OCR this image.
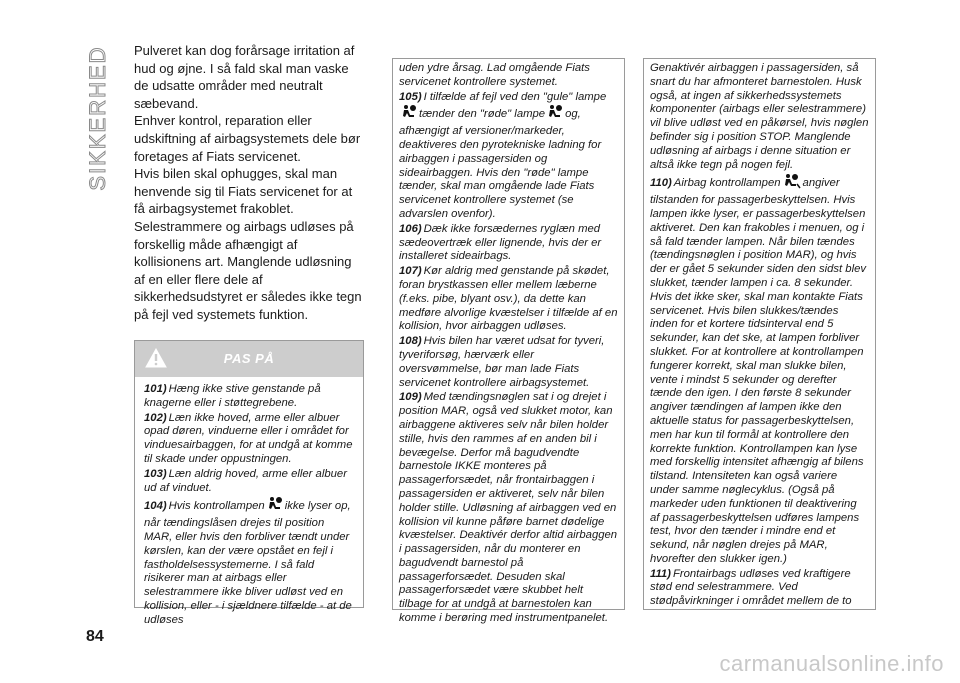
SIKKERHED Pulveret kan dog forårsage irritation af hud og øjne. I så fald skal man vaske de udsatte områder med neutralt sæbevand.

Enhver kontrol, reparation eller udskiftning af airbagsystemets dele bør foretages af Fiats servicenet.

Hvis bilen skal ophugges, skal man henvende sig til Fiats servicenet for at få airbagsystemet frakoblet. Selestrammere og airbags udløses på forskellig måde afhængigt af kollisionens art. Manglende udløsning af en eller flere dele af sikkerhedsudstyret er således ikke tegn på fejl ved systemets funktion.

PAS PÅ

101) Hæng ikke stive genstande på knagerne eller i støttegrebene.

102) Læn ikke hoved, arme eller albuer opad døren, vinduerne eller i området for vinduesairbaggen, for at undgå at komme til skade under oppustningen.

103) Læn aldrig hoved, arme eller albuer ud af vinduet.

104) Hvis kontrollampen ikke lyser op, når tændingslåsen drejes til position MAR, eller hvis den forbliver tændt under kørslen, kan der være opstået en fejl i fastholdelsessystemerne. I så fald risikerer man at airbags eller selestrammere ikke bliver udløst ved en kollision, eller - i sjældnere tilfælde - at de udløses

uden ydre årsag. Lad omgående Fiats servicenet kontrollere systemet.

105) I tilfælde af fejl ved den "gule" lampetænder den "røde" lampe og, afhængigt af versioner/markeder, deaktiveres den pyrotekniske ladning for airbaggen i passagersiden og sideairbaggen. Hvis den "røde" lampe tænder, skal man omgående lade Fiats servicenet kontrollere systemet (se advarslen ovenfor).

106) Dæk ikke forsædernes ryglæn med sædeovertræk eller lignende, hvis der er installeret sideairbags.

107) Kør aldrig med genstande på skødet, foran brystkassen eller mellem læberne (f.eks. pibe, blyant osv.), da dette kan medføre alvorlige kvæstelser i tilfælde af en kollision, hvor airbaggen udløses.

108) Hvis bilen har været udsat for tyveri, tyveriforsøg, hærværk eller oversvømmelse, bør man lade Fiats servicenet kontrollere airbagsystemet.

109) Med tændingsnøglen sat i og drejet i position MAR, også ved slukket motor, kan airbaggene aktiveres selv når bilen holder stille, hvis den rammes af en anden bil i bevægelse. Derfor må bagudvendte barnestole IKKE monteres på passagerforsædet, når frontairbaggen i passagersiden er aktiveret, selv når bilen holder stille. Udløsning af airbaggen ved en kollision vil kunne påføre barnet dødelige kvæstelser. Deaktivér derfor altid airbaggen i passagersiden, når du monterer en bagudvendt barnestol på passagerforsædet. Desuden skal passagerforsædet være skubbet helt tilbage for at undgå at barnestolen kan komme i berøring med instrumentpanelet.

Genaktivér airbaggen i passagersiden, så snart du har afmonteret barnestolen. Husk også, at ingen af sikkerhedssystemets komponenter (airbags eller selestrammere) vil blive udløst ved en påkørsel, hvis nøglen befinder sig i position STOP. Manglende udløsning af airbags i denne situation er altså ikke tegn på nogen fejl.

110) Airbag kontrollampen angiver tilstanden for passagerbeskyttelsen. Hvis lampen ikke lyser, er passagerbeskyttelsen aktiveret. Den kan frakobles i menuen, og i så fald tænder lampen. Når bilen tændes (tændingsnøglen i position MAR), og hvis der er gået 5 sekunder siden den sidst blev slukket, tænder lampen i ca. 8 sekunder. Hvis det ikke sker, skal man kontakte Fiats servicenet. Hvis bilen slukkes/tændes inden for et kortere tidsinterval end 5 sekunder, kan det ske, at lampen forbliver slukket. For at kontrollere at kontrollampen fungerer korrekt, skal man slukke bilen, vente i mindst 5 sekunder og derefter tænde den igen. I den første 8 sekunder angiver tændingen af lampen ikke den aktuelle status for passagerbeskyttelsen, men har kun til formål at kontrollere den korrekte funktion. Kontrollampen kan lyse med forskellig intensitet afhængig af bilens tilstand. Intensiteten kan også variere under samme nøglecyklus. (Også på markeder uden funktionen til deaktivering af passagerbeskyttelsen udføres lampens test, hvor den tænder i mindre end et sekund, når nøglen drejes på MAR, hvorefter den slukker igen.)

111) Frontairbags udløses ved kraftigere stød end selestrammere. Ved stødpåvirkninger i området mellem de to

84
carmanualsonline.info
